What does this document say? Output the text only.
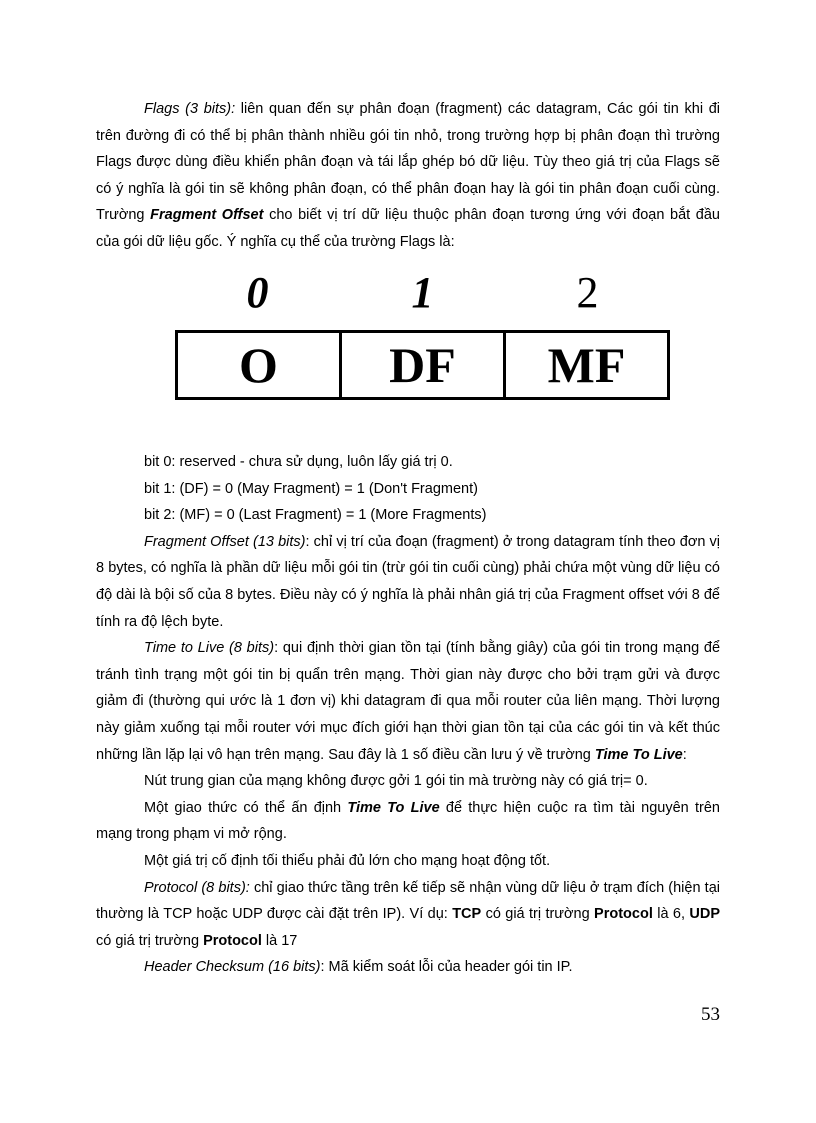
Flags (3 bits): liên quan đến sự phân đoạn (fragment) các datagram, Các gói tin khi đi trên đường đi có thể bị phân thành nhiều gói tin nhỏ, trong trường hợp bị phân đoạn thì trường Flags được dùng điều khiển phân đoạn và tái lắp ghép bó dữ liệu. Tùy theo giá trị của Flags sẽ có ý nghĩa là gói tin sẽ không phân đoạn, có thể phân đoạn hay là gói tin phân đoạn cuối cùng. Trường Fragment Offset cho biết vị trí dữ liệu thuộc phân đoạn tương ứng với đoạn bắt đầu của gói dữ liệu gốc. Ý nghĩa cụ thể của trường Flags là:

0	1	2
O	DF	MF

bit 0: reserved - chưa sử dụng, luôn lấy giá trị 0.

bit 1: (DF) = 0 (May Fragment) = 1 (Don't Fragment)

bit 2: (MF) = 0 (Last Fragment) = 1 (More Fragments)

Fragment Offset (13 bits): chỉ vị trí của đoạn (fragment) ở trong datagram tính theo đơn vị 8 bytes, có nghĩa là phần dữ liệu mỗi gói tin (trừ gói tin cuối cùng) phải chứa một vùng dữ liệu có độ dài là bội số của 8 bytes. Điều này có ý nghĩa là phải nhân giá trị của Fragment offset với 8 để tính ra độ lệch byte.

Time to Live (8 bits): qui định thời gian tồn tại (tính bằng giây) của gói tin trong mạng để tránh tình trạng một gói tin bị quẩn trên mạng. Thời gian này được cho bởi trạm gửi và được giảm đi (thường qui ước là 1 đơn vị) khi datagram đi qua mỗi router của liên mạng. Thời lượng này giảm xuống tại mỗi router với mục đích giới hạn thời gian tồn tại của các gói tin và kết thúc những lần lặp lại vô hạn trên mạng. Sau đây là 1 số điều cần lưu ý về trường Time To Live:

Nút trung gian của mạng không được gởi 1 gói tin mà trường này có giá trị= 0.

Một giao thức có thể ấn định Time To Live để thực hiện cuộc ra tìm tài nguyên trên mạng trong phạm vi mở rộng.

Một giá trị cố định tối thiểu phải đủ lớn cho mạng hoạt động tốt.

Protocol (8 bits): chỉ giao thức tầng trên kế tiếp sẽ nhận vùng dữ liệu ở trạm đích (hiện tại thường là TCP hoặc UDP được cài đặt trên IP). Ví dụ: TCP có giá trị trường Protocol là 6, UDP có giá trị trường Protocol là 17

Header Checksum (16 bits): Mã kiểm soát lỗi của header gói tin IP.

53
